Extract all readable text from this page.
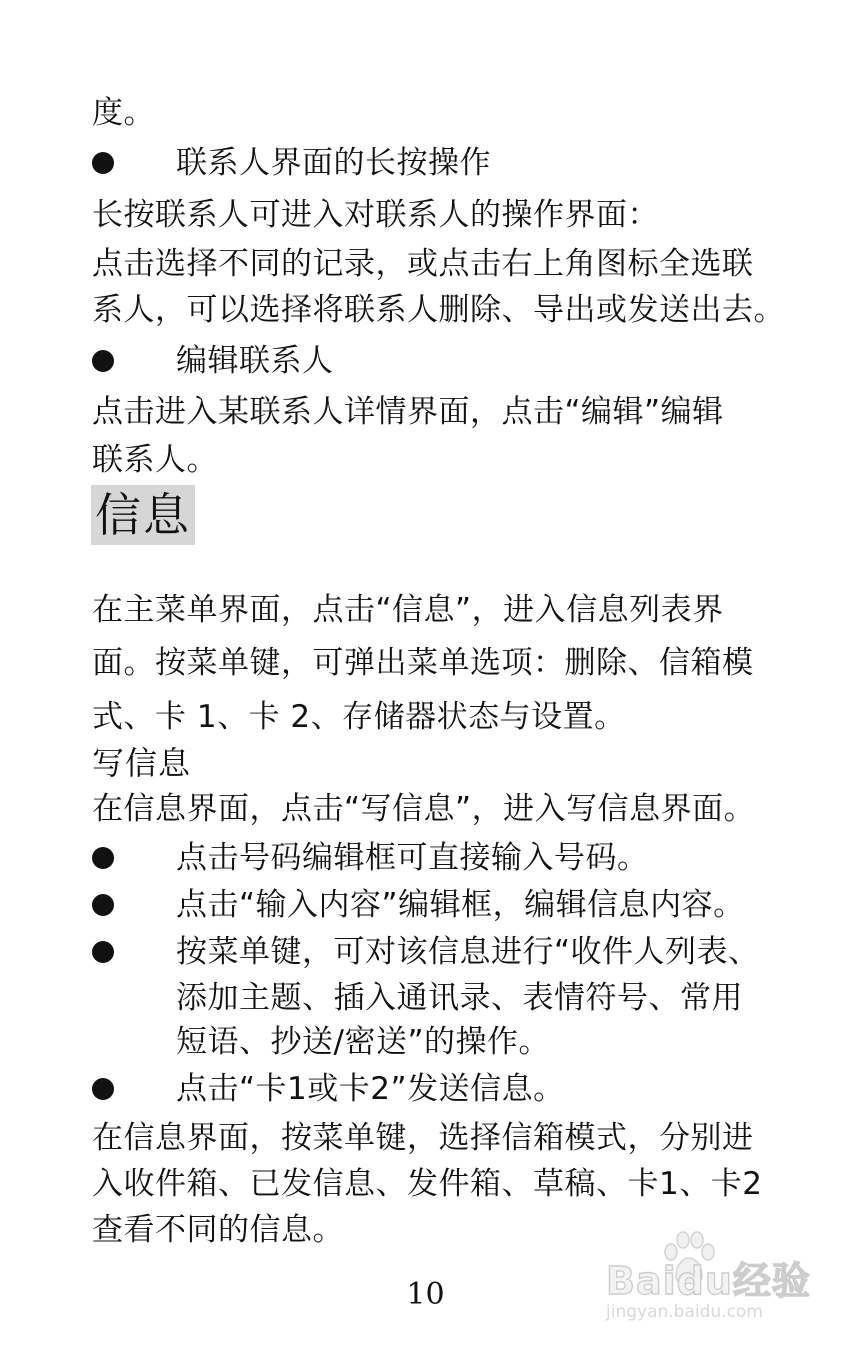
度。
联系人界面的长按操作
长按联系人可进入对联系人的操作界面：
点击选择不同的记录，或点击右上角图标全选联
系人，可以选择将联系人删除、导出或发送出去。
编辑联系人
点击进入某联系人详情界面，点击“编辑”编辑
联系人。
信息
在主菜单界面，点击“信息”，进入信息列表界
面。按菜单键，可弹出菜单选项：删除、信箱模
式、卡 1、卡 2、存储器状态与设置。
写信息
在信息界面，点击“写信息”，进入写信息界面。
点击号码编辑框可直接输入号码。
点击“输入内容”编辑框，编辑信息内容。
按菜单键，可对该信息进行“收件人列表、
添加主题、插入通讯录、表情符号、常用
短语、抄送/密送”的操作。
点击“卡1或卡2”发送信息。
在信息界面，按菜单键，选择信箱模式，分别进
入收件箱、已发信息、发件箱、草稿、卡1、卡2
查看不同的信息。
10	Baidu经验
jingyan.baidu.com
